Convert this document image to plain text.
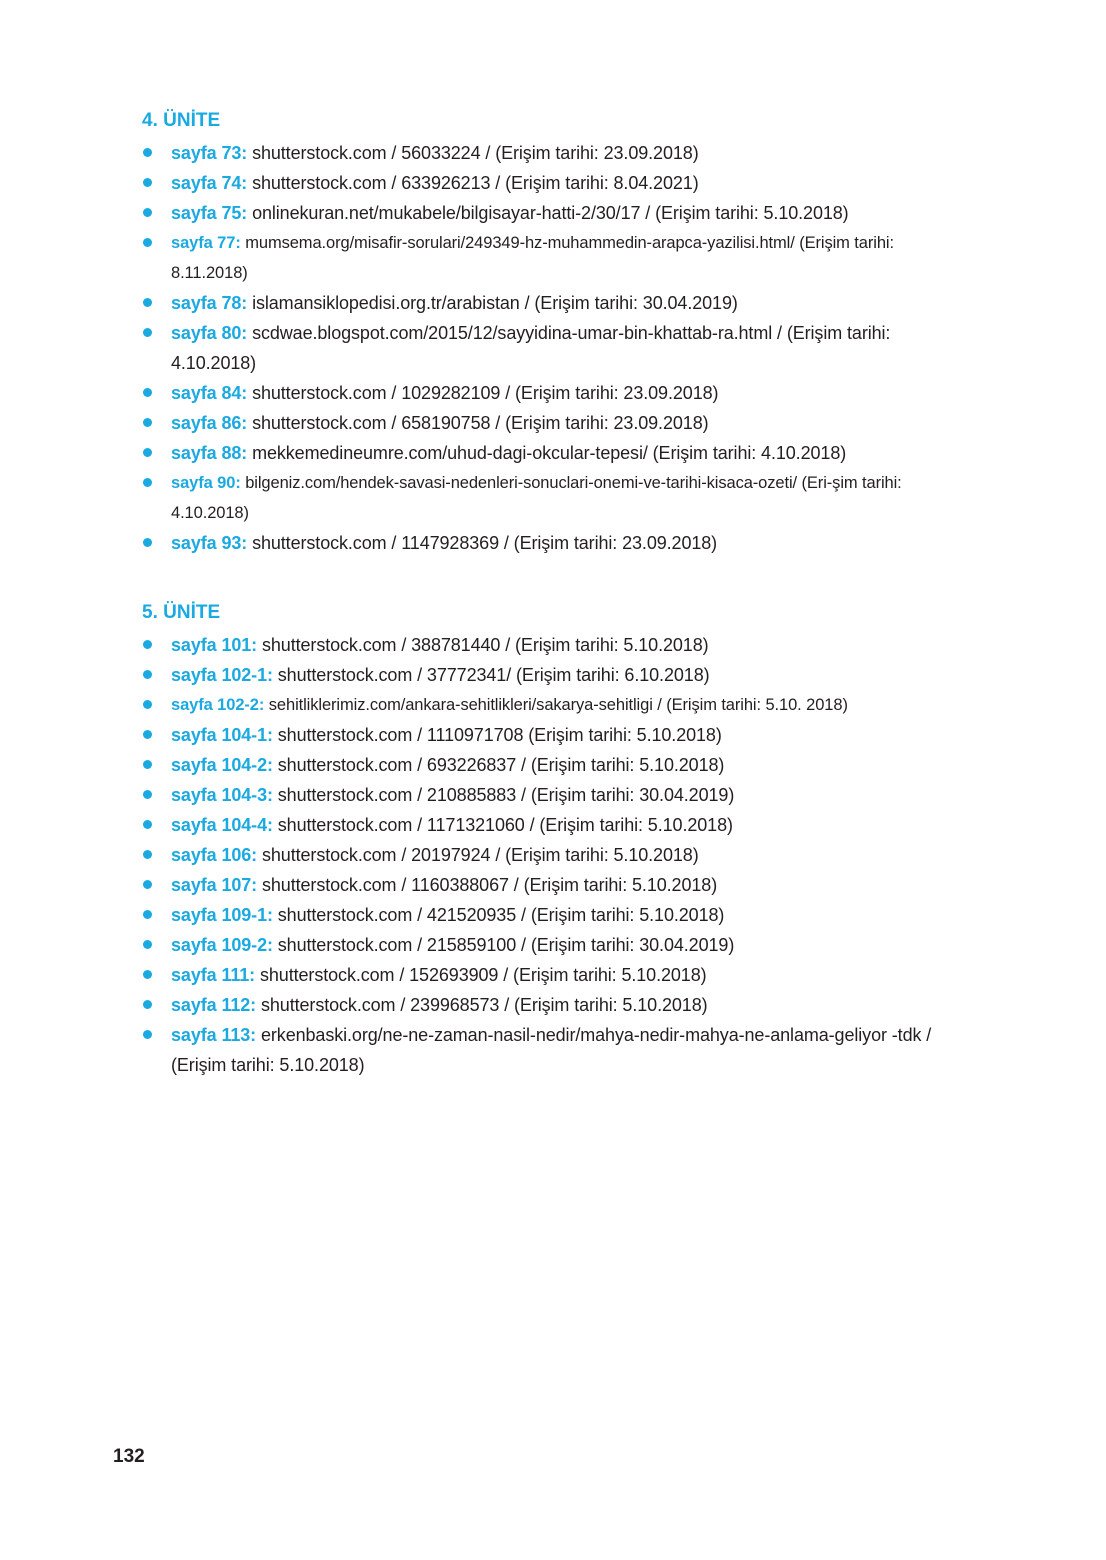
4. ÜNİTE
sayfa 73: shutterstock.com / 56033224 / (Erişim tarihi: 23.09.2018)
sayfa 74: shutterstock.com / 633926213 / (Erişim tarihi: 8.04.2021)
sayfa 75: onlinekuran.net/mukabele/bilgisayar-hatti-2/30/17 / (Erişim tarihi: 5.10.2018)
sayfa 77: mumsema.org/misafir-sorulari/249349-hz-muhammedin-arapca-yazilisi.html/ (Erişim tarihi: 8.11.2018)
sayfa 78: islamansiklopedisi.org.tr/arabistan / (Erişim tarihi: 30.04.2019)
sayfa 80: scdwae.blogspot.com/2015/12/sayyidina-umar-bin-khattab-ra.html / (Erişim tarihi: 4.10.2018)
sayfa 84: shutterstock.com / 1029282109 / (Erişim tarihi: 23.09.2018)
sayfa 86: shutterstock.com / 658190758 / (Erişim tarihi: 23.09.2018)
sayfa 88: mekkemedineumre.com/uhud-dagi-okcular-tepesi/ (Erişim tarihi: 4.10.2018)
sayfa 90: bilgeniz.com/hendek-savasi-nedenleri-sonuclari-onemi-ve-tarihi-kisaca-ozeti/ (Eri-şim tarihi: 4.10.2018)
sayfa 93: shutterstock.com / 1147928369 / (Erişim tarihi: 23.09.2018)
5. ÜNİTE
sayfa 101: shutterstock.com / 388781440 / (Erişim tarihi: 5.10.2018)
sayfa 102-1: shutterstock.com / 37772341/ (Erişim tarihi: 6.10.2018)
sayfa 102-2: sehitliklerimiz.com/ankara-sehitlikleri/sakarya-sehitligi / (Erişim tarihi: 5.10. 2018)
sayfa 104-1: shutterstock.com / 1110971708 (Erişim tarihi: 5.10.2018)
sayfa 104-2: shutterstock.com / 693226837 / (Erişim tarihi: 5.10.2018)
sayfa 104-3: shutterstock.com / 210885883 / (Erişim tarihi: 30.04.2019)
sayfa 104-4: shutterstock.com / 1171321060 / (Erişim tarihi: 5.10.2018)
sayfa 106: shutterstock.com / 20197924 / (Erişim tarihi: 5.10.2018)
sayfa 107: shutterstock.com / 1160388067 / (Erişim tarihi: 5.10.2018)
sayfa 109-1: shutterstock.com / 421520935 / (Erişim tarihi: 5.10.2018)
sayfa 109-2: shutterstock.com / 215859100 / (Erişim tarihi: 30.04.2019)
sayfa 111: shutterstock.com / 152693909 / (Erişim tarihi: 5.10.2018)
sayfa 112: shutterstock.com / 239968573 / (Erişim tarihi: 5.10.2018)
sayfa 113: erkenbaski.org/ne-ne-zaman-nasil-nedir/mahya-nedir-mahya-ne-anlama-geliyor -tdk / (Erişim tarihi: 5.10.2018)
132
